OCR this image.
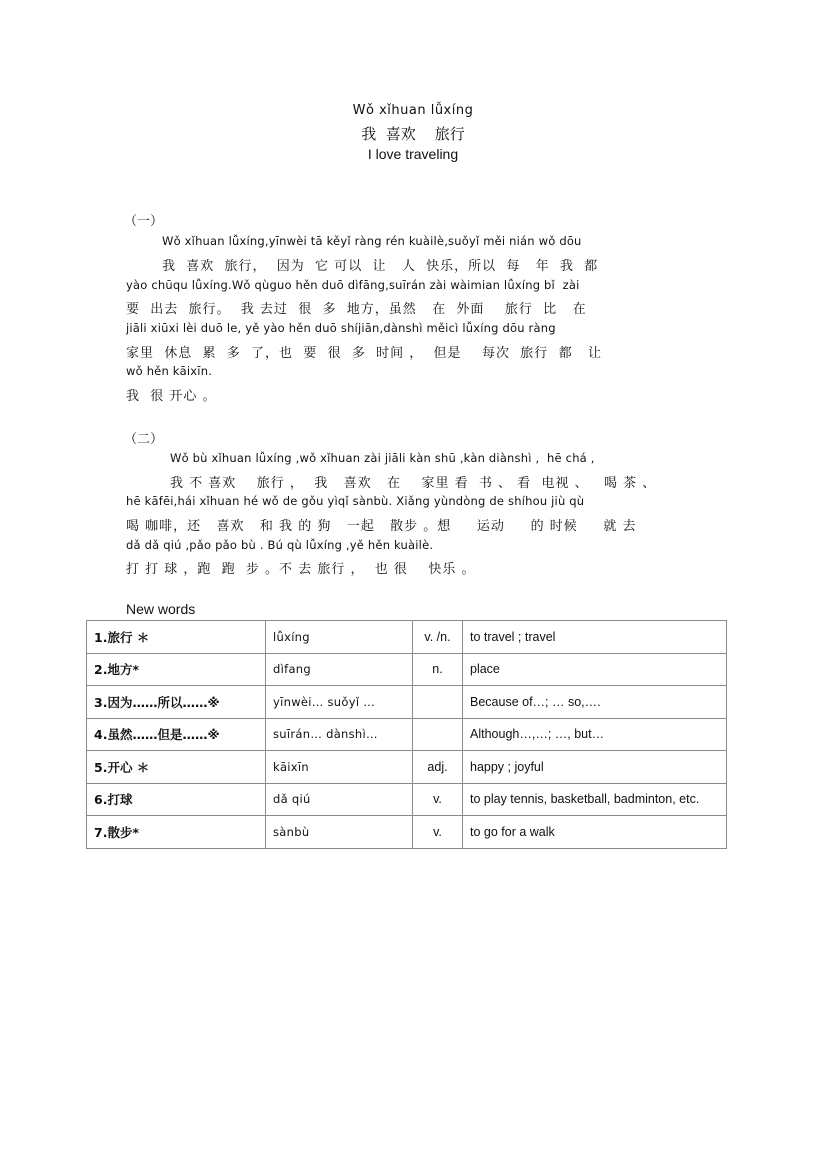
Wǒ xǐhuan lǚxíng
我  喜欢    旅行
I love traveling
（一）
Wǒ xǐhuan lǚxíng,yīnwèi tā kěyǐ ràng rén kuàilè,suǒyǐ měi nián wǒ dōu
我  喜欢  旅行，  因为  它 可以  让   人  快乐，所以  每   年  我  都
yào chūqu lǚxíng.Wǒ qùguo hěn duō dìfāng,suīrán zài wàimian lǚxíng bǐ  zài
要  出去  旅行。  我 去过  很  多  地方，虽然   在  外面    旅行  比   在
jiāli xiūxi lèi duō le, yě yào hěn duō shíjiān,dànshì měicì lǚxíng dōu ràng
家里  休息  累  多  了，也  要  很  多  时间 ，  但是    每次  旅行  都   让
wǒ hěn kāixīn.
我  很 开心 。
（二）
Wǒ bù xǐhuan lǚxíng ,wǒ xǐhuan zài jiāli kàn shū ,kàn diànshì ,  hē chá ,
我 不 喜欢    旅行 ，  我   喜欢   在    家里 看  书 、 看  电视 、   喝 茶 、
hē kāfēi,hái xǐhuan hé wǒ de gǒu yìqǐ sànbù. Xiǎng yùndòng de shíhou jiù qù
喝 咖啡，还   喜欢   和 我 的 狗   一起   散步 。想     运动     的 时候     就 去
dǎ dǎ qiú ,pǎo pǎo bù . Bú qù lǚxíng ,yě hěn kuàilè.
打 打 球 ，跑  跑  步 。不 去 旅行 ，  也 很    快乐 。
New words
1.旅行 ＊	lǚxíng	v. /n.	to travel ; travel
2.地方*	dìfang	n.	place
3.因为……所以……※	yīnwèi… suǒyǐ …		Because of…; … so,….
4.虽然……但是……※	suīrán… dànshì…		Although…,…; …, but…
5.开心 ＊	kāixīn	adj.	happy ; joyful
6.打球	dǎ qiú	v.	to play tennis, basketball, badminton, etc.
7.散步*	sànbù	v.	to go for a walk
